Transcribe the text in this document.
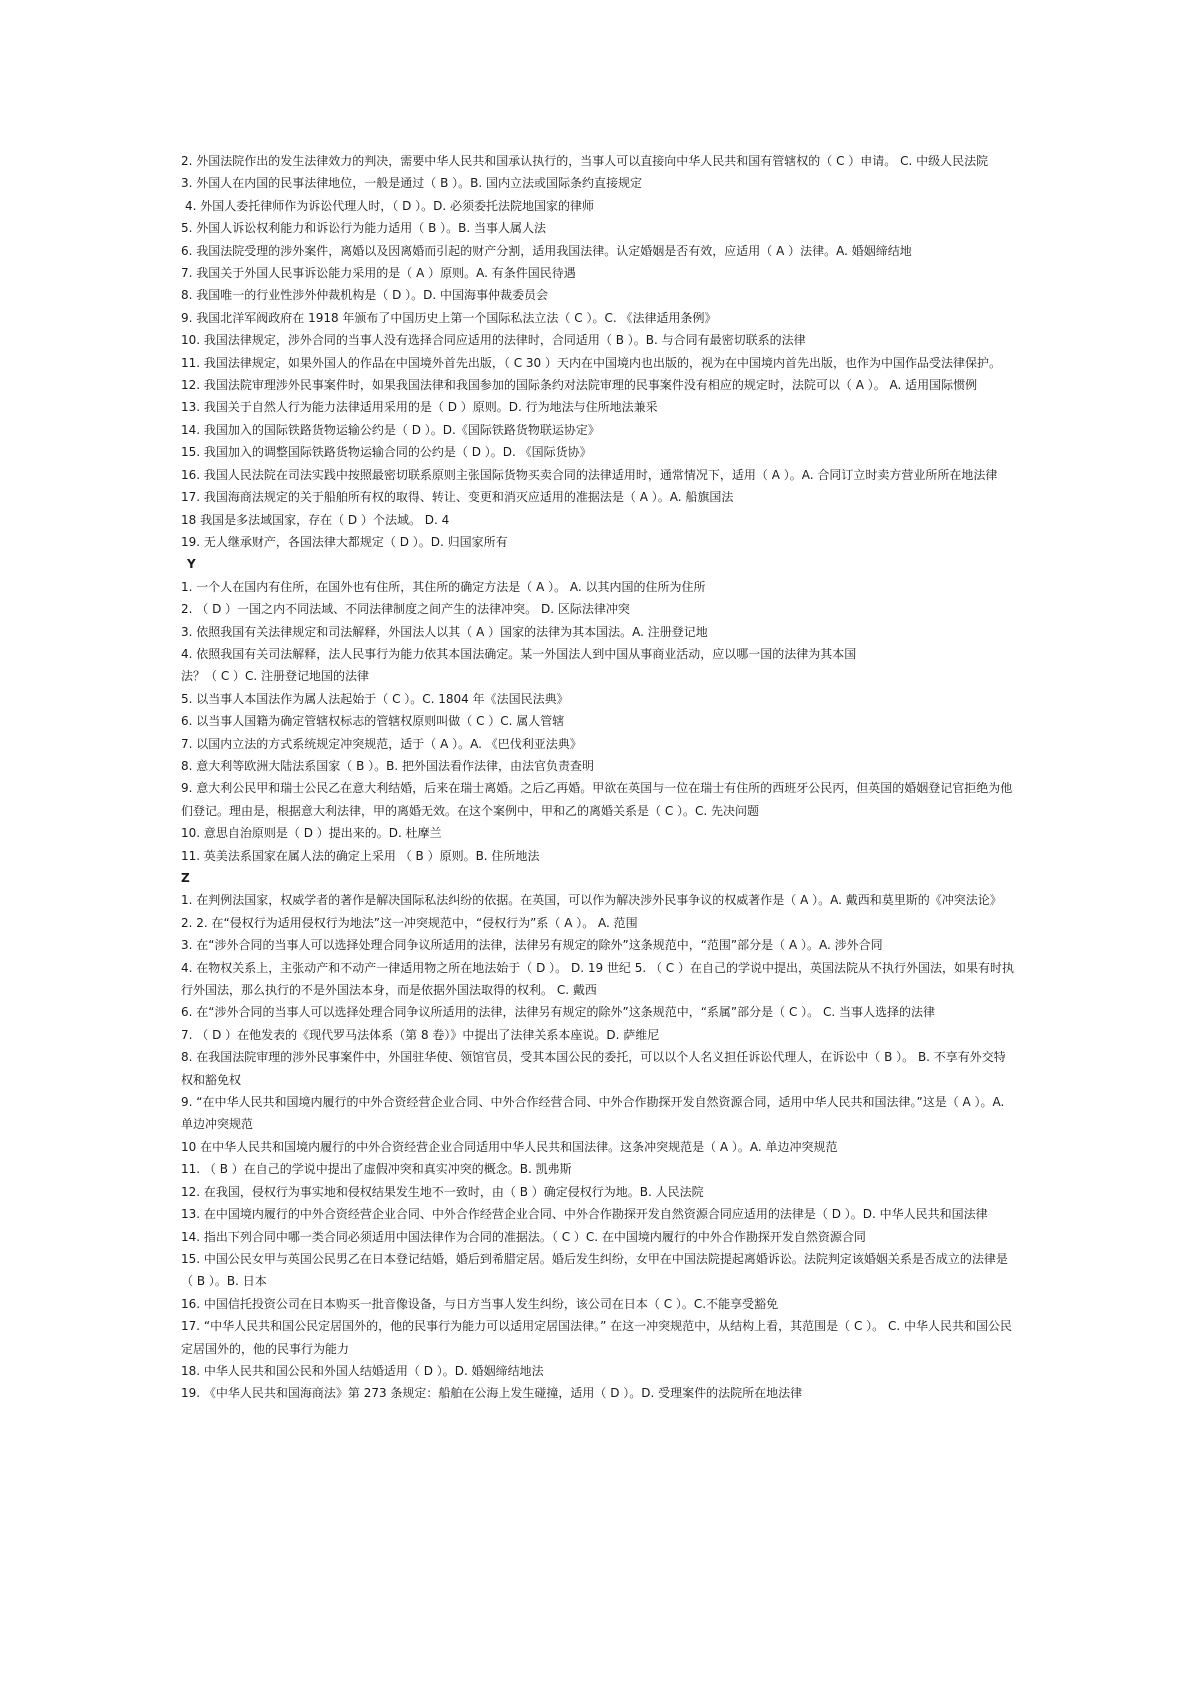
2. 外国法院作出的发生法律效力的判决，需要中华人民共和国承认执行的，当事人可以直接向中华人民共和国有管辖权的（ C ）申请。 C. 中级人民法院

3. 外国人在内国的民事法律地位，一般是通过（ B ）。B. 国内立法或国际条约直接规定

4. 外国人委托律师作为诉讼代理人时，（ D ）。D. 必须委托法院地国家的律师

5. 外国人诉讼权利能力和诉讼行为能力适用（ B ）。B. 当事人属人法

6. 我国法院受理的涉外案件，离婚以及因离婚而引起的财产分割，适用我国法律。认定婚姻是否有效，应适用（ A ）法律。A. 婚姻缔结地

7. 我国关于外国人民事诉讼能力采用的是（ A ）原则。A. 有条件国民待遇

8. 我国唯一的行业性涉外仲裁机构是（ D ）。D. 中国海事仲裁委员会

9. 我国北洋军阀政府在 1918 年颁布了中国历史上第一个国际私法立法（ C ）。C. 《法律适用条例》

10. 我国法律规定，涉外合同的当事人没有选择合同应适用的法律时，合同适用（ B ）。B. 与合同有最密切联系的法律

11. 我国法律规定，如果外国人的作品在中国境外首先出版，（ C 30 ）天内在中国境内也出版的，视为在中国境内首先出版，也作为中国作品受法律保护。

12. 我国法院审理涉外民事案件时，如果我国法律和我国参加的国际条约对法院审理的民事案件没有相应的规定时，法院可以（ A ）。 A. 适用国际惯例

13. 我国关于自然人行为能力法律适用采用的是（ D ）原则。D. 行为地法与住所地法兼采

14. 我国加入的国际铁路货物运输公约是（ D ）。D.《国际铁路货物联运协定》

15. 我国加入的调整国际铁路货物运输合同的公约是（ D ）。D. 《国际货协》

16. 我国人民法院在司法实践中按照最密切联系原则主张国际货物买卖合同的法律适用时，通常情况下，适用（ A ）。A. 合同订立时卖方营业所所在地法律

17. 我国海商法规定的关于船舶所有权的取得、转让、变更和消灭应适用的准据法是（ A ）。A. 船旗国法

18 我国是多法域国家，存在（ D ）个法域。 D. 4

19. 无人继承财产，各国法律大都规定（ D ）。D. 归国家所有

Y

1. 一个人在国内有住所，在国外也有住所，其住所的确定方法是（ A ）。 A. 以其内国的住所为住所

2. （ D ）一国之内不同法域、不同法律制度之间产生的法律冲突。 D. 区际法律冲突

3. 依照我国有关法律规定和司法解释，外国法人以其（ A ）国家的法律为其本国法。A. 注册登记地

4. 依照我国有关司法解释，法人民事行为能力依其本国法确定。某一外国法人到中国从事商业活动，应以哪一国的法律为其本国

法？（ C ）C. 注册登记地国的法律

5. 以当事人本国法作为属人法起始于（ C ）。C. 1804 年《法国民法典》

6. 以当事人国籍为确定管辖权标志的管辖权原则叫做（ C ）C. 属人管辖

7. 以国内立法的方式系统规定冲突规范，适于（ A ）。A. 《巴伐利亚法典》

8. 意大利等欧洲大陆法系国家（ B ）。B. 把外国法看作法律，由法官负责查明

9. 意大利公民甲和瑞士公民乙在意大利结婚，后来在瑞士离婚。之后乙再婚。甲欲在英国与一位在瑞士有住所的西班牙公民丙，但英国的婚姻登记官拒绝为他们登记。理由是，根据意大利法律，甲的离婚无效。在这个案例中，甲和乙的离婚关系是（ C ）。C. 先决问题

10. 意思自治原则是（ D ）提出来的。D. 杜摩兰

11. 英美法系国家在属人法的确定上采用 （ B ）原则。B. 住所地法

Z

1. 在判例法国家，权威学者的著作是解决国际私法纠纷的依据。在英国，可以作为解决涉外民事争议的权威著作是（ A ）。A. 戴西和莫里斯的《冲突法论》

2. 2. 在“侵权行为适用侵权行为地法”这一冲突规范中，“侵权行为”系（ A ）。 A. 范围

3. 在“涉外合同的当事人可以选择处理合同争议所适用的法律，法律另有规定的除外”这条规范中，“范围”部分是（ A ）。A. 涉外合同

4. 在物权关系上，主张动产和不动产一律适用物之所在地法始于（ D ）。 D. 19 世纪 5. （ C ）在自己的学说中提出，英国法院从不执行外国法，如果有时执行外国法，那么执行的不是外国法本身，而是依据外国法取得的权利。 C. 戴西

6. 在“涉外合同的当事人可以选择处理合同争议所适用的法律，法律另有规定的除外”这条规范中，“系属”部分是（ C ）。 C. 当事人选择的法律

7. （ D ）在他发表的《现代罗马法体系（第 8 卷）》中提出了法律关系本座说。D. 萨维尼

8. 在我国法院审理的涉外民事案件中，外国驻华使、领馆官员，受其本国公民的委托，可以以个人名义担任诉讼代理人，在诉讼中（ B ）。 B. 不享有外交特权和豁免权

9. “在中华人民共和国境内履行的中外合资经营企业合同、中外合作经营合同、中外合作勘探开发自然资源合同，适用中华人民共和国法律。”这是（ A ）。A. 单边冲突规范

10 在中华人民共和国境内履行的中外合资经营企业合同适用中华人民共和国法律。这条冲突规范是（ A ）。A. 单边冲突规范

11. （ B ）在自己的学说中提出了虚假冲突和真实冲突的概念。B. 凯弗斯

12. 在我国，侵权行为事实地和侵权结果发生地不一致时，由（ B ）确定侵权行为地。B. 人民法院

13. 在中国境内履行的中外合资经营企业合同、中外合作经营企业合同、中外合作勘探开发自然资源合同应适用的法律是（ D ）。D. 中华人民共和国法律

14. 指出下列合同中哪一类合同必须适用中国法律作为合同的准据法。（ C ）C. 在中国境内履行的中外合作勘探开发自然资源合同

15. 中国公民女甲与英国公民男乙在日本登记结婚，婚后到希腊定居。婚后发生纠纷，女甲在中国法院提起离婚诉讼。法院判定该婚姻关系是否成立的法律是（ B ）。B. 日本

16. 中国信托投资公司在日本购买一批音像设备，与日方当事人发生纠纷，该公司在日本（ C ）。C.不能享受豁免

17. “中华人民共和国公民定居国外的，他的民事行为能力可以适用定居国法律。” 在这一冲突规范中，从结构上看，其范围是（ C ）。 C. 中华人民共和国公民定居国外的，他的民事行为能力

18. 中华人民共和国公民和外国人结婚适用（ D ）。D. 婚姻缔结地法

19. 《中华人民共和国海商法》第 273 条规定：船舶在公海上发生碰撞，适用（ D ）。D. 受理案件的法院所在地法律
